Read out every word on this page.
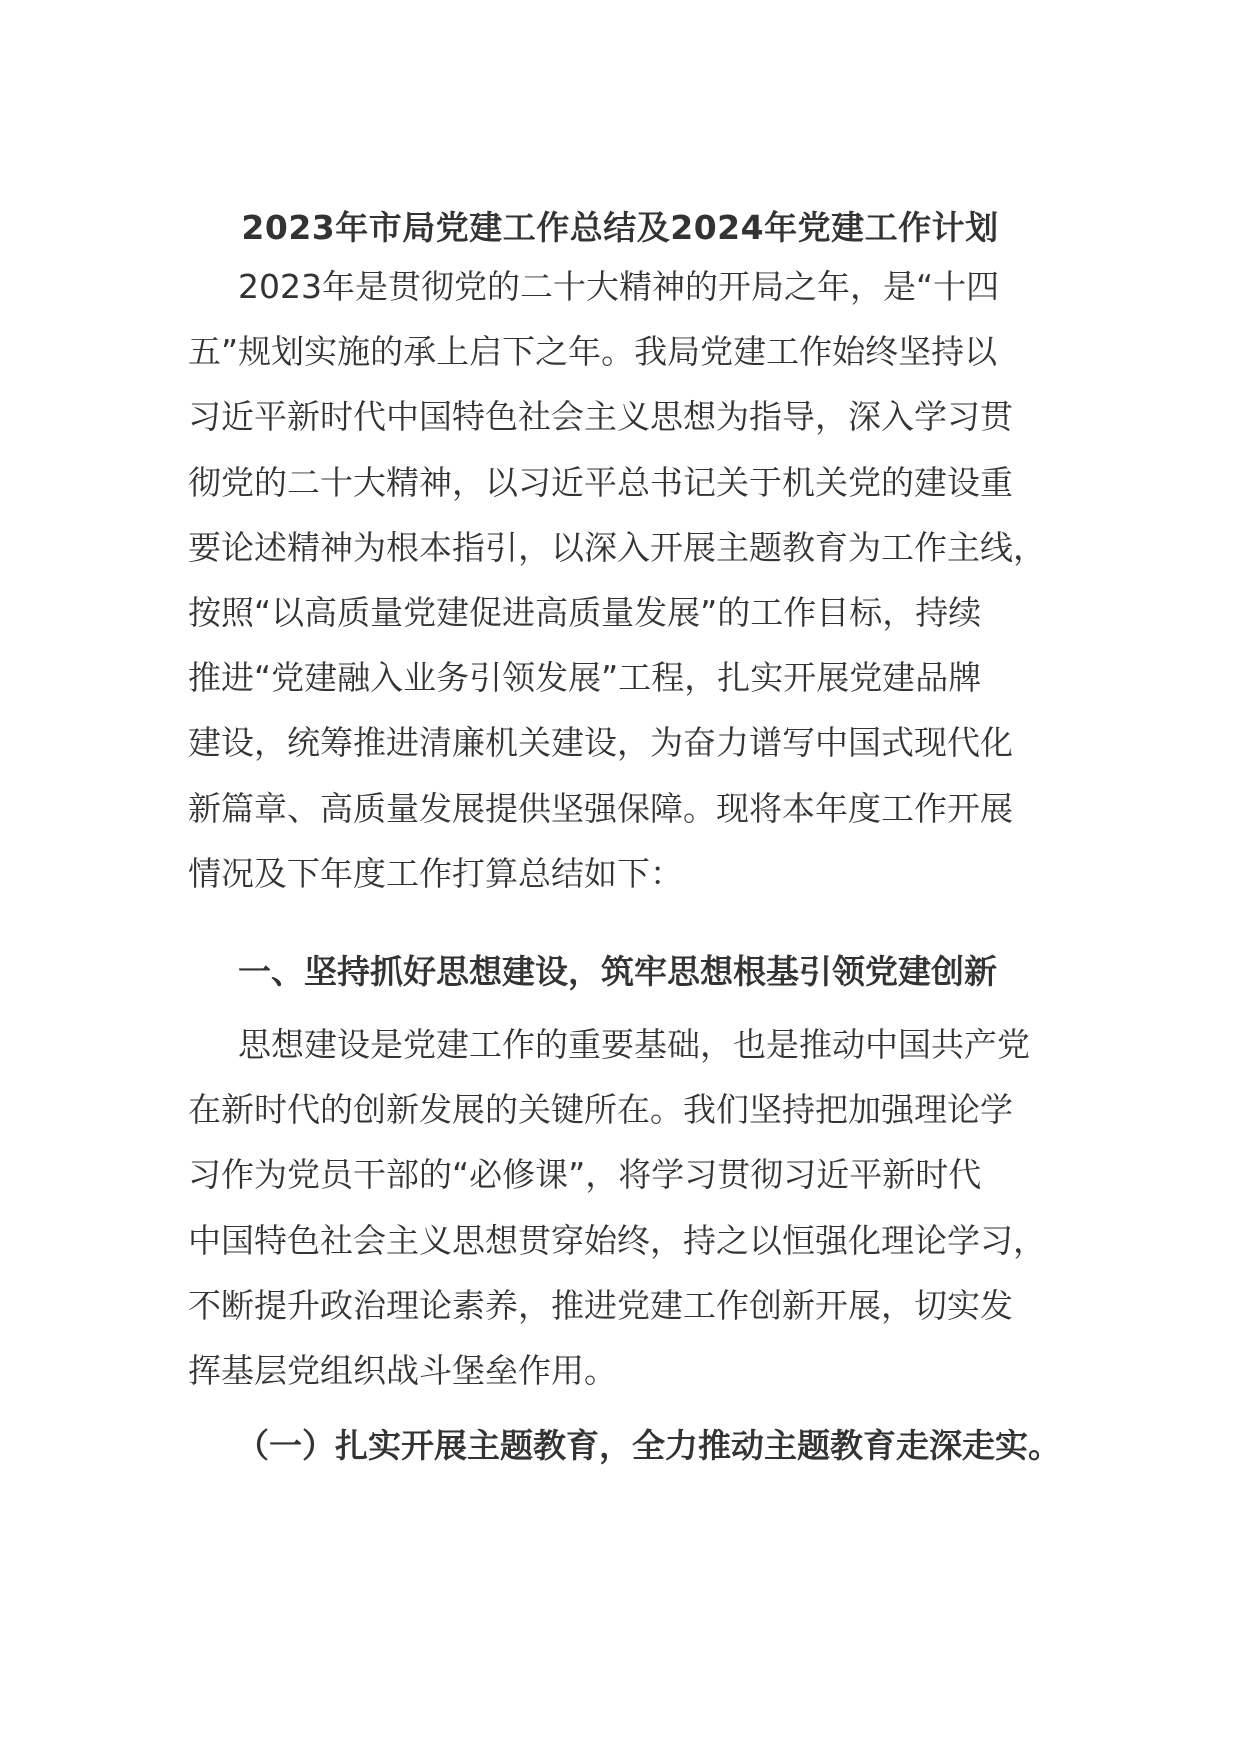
2023年市局党建工作总结及2024年党建工作计划
2023年是贯彻党的二十大精神的开局之年，是“十四
五”规划实施的承上启下之年。我局党建工作始终坚持以
习近平新时代中国特色社会主义思想为指导，深入学习贯
彻党的二十大精神，以习近平总书记关于机关党的建设重
要论述精神为根本指引，以深入开展主题教育为工作主线，
按照“以高质量党建促进高质量发展”的工作目标，持续
推进“党建融入业务引领发展”工程，扎实开展党建品牌
建设，统筹推进清廉机关建设，为奋力谱写中国式现代化
新篇章、高质量发展提供坚强保障。现将本年度工作开展
情况及下年度工作打算总结如下：
一、坚持抓好思想建设，筑牢思想根基引领党建创新
思想建设是党建工作的重要基础，也是推动中国共产党
在新时代的创新发展的关键所在。我们坚持把加强理论学
习作为党员干部的“必修课”，将学习贯彻习近平新时代
中国特色社会主义思想贯穿始终，持之以恒强化理论学习，
不断提升政治理论素养，推进党建工作创新开展，切实发
挥基层党组织战斗堡垒作用。
（一）扎实开展主题教育，全力推动主题教育走深走实。
